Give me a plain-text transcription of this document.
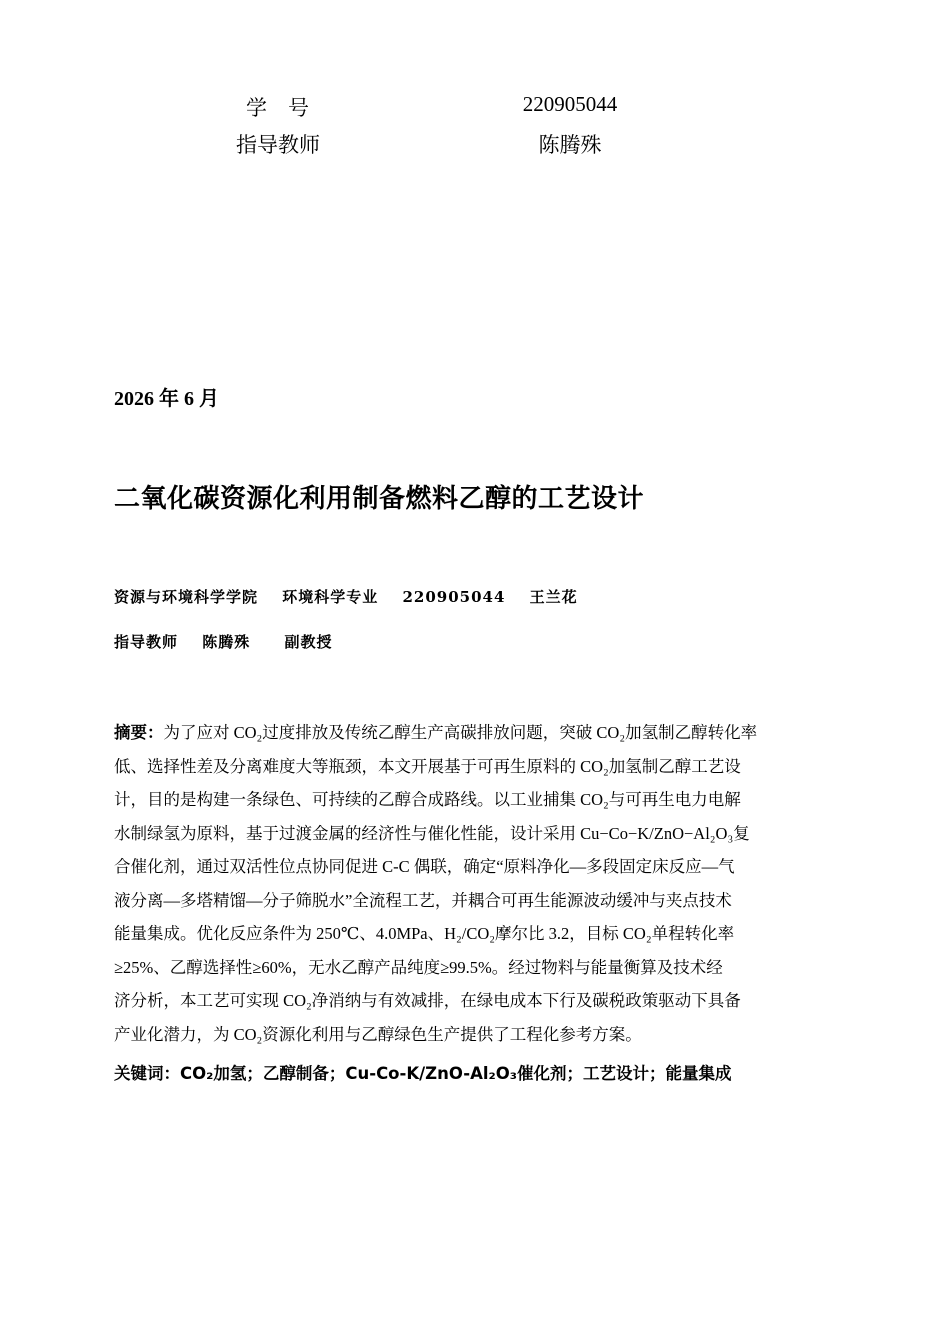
学　号	220905044
指导教师	陈腾殊
2026 年 6 月
二氧化碳资源化利用制备燃料乙醇的工艺设计
资源与环境科学学院 环境科学专业 220905044 王兰花
指导教师 陈腾殊 副教授
摘要：为了应对 CO₂过度排放及传统乙醇生产高碳排放问题，突破 CO₂加氢制乙醇转化率
低、选择性差及分离难度大等瓶颈，本文开展基于可再生原料的 CO₂加氢制乙醇工艺设
计，目的是构建一条绿色、可持续的乙醇合成路线。以工业捕集 CO₂与可再生电力电解
水制绿氢为原料，基于过渡金属的经济性与催化性能，设计采用 Cu−Co−K/ZnO−Al₂O₃复
合催化剂，通过双活性位点协同促进 C-C 偶联，确定“原料净化—多段固定床反应—气
液分离—多塔精馏—分子筛脱水”全流程工艺，并耦合可再生能源波动缓冲与夹点技术
能量集成。优化反应条件为 250℃、4.0MPa、H₂/CO₂摩尔比 3.2，目标 CO₂单程转化率
≥25%、乙醇选择性≥60%，无水乙醇产品纯度≥99.5%。经过物料与能量衡算及技术经
济分析，本工艺可实现 CO₂净消纳与有效减排，在绿电成本下行及碳税政策驱动下具备
产业化潜力，为 CO₂资源化利用与乙醇绿色生产提供了工程化参考方案。
关键词：CO₂加氢；乙醇制备；Cu-Co-K/ZnO-Al₂O₃催化剂；工艺设计；能量集成
